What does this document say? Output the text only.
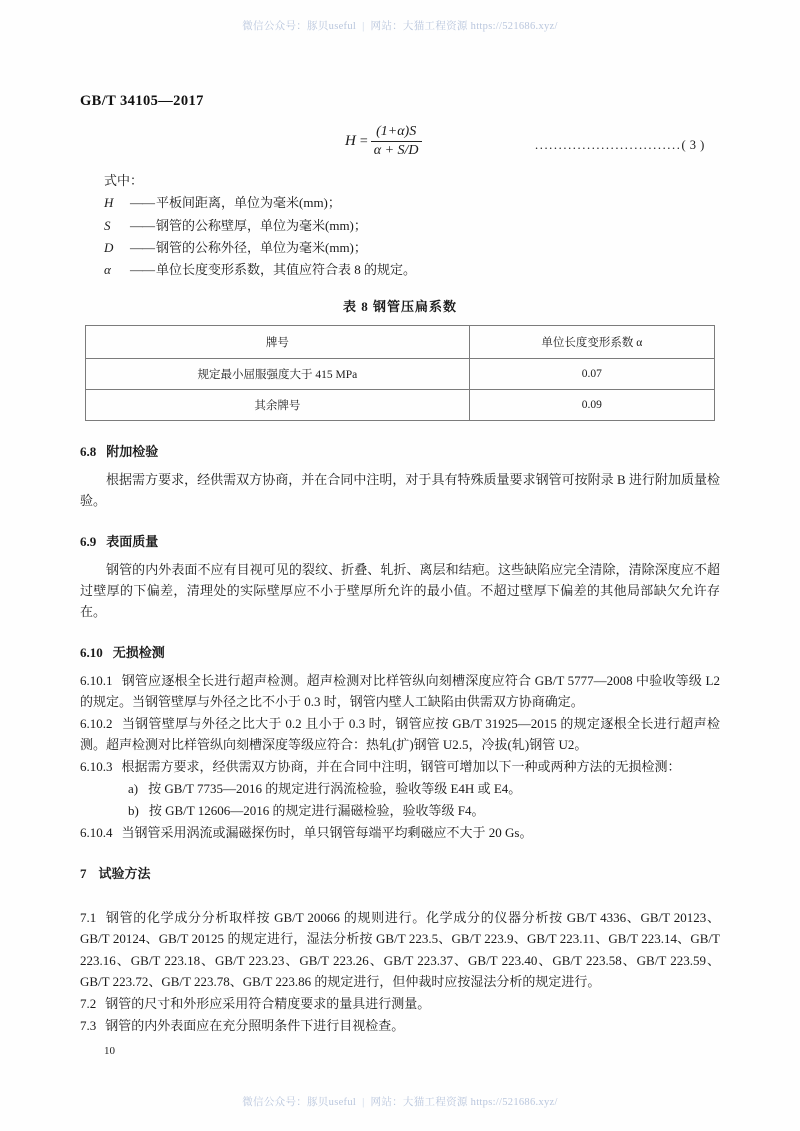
微信公众号：豚贝useful | 网站：大猫工程资源 https://521686.xyz/
GB/T 34105—2017
$H = \frac{(1+\alpha)S}{\alpha + S/D}$	...............................( 3 )
式中：
H	—— 平板间距离，单位为毫米(mm)；
S	—— 钢管的公称壁厚，单位为毫米(mm)；
D	—— 钢管的公称外径，单位为毫米(mm)；
α	—— 单位长度变形系数，其值应符合表 8 的规定。
表 8 钢管压扁系数
牌号	单位长度变形系数 α
规定最小屈服强度大于 415 MPa	0.07
其余牌号	0.09
6.8 附加检验
根据需方要求，经供需双方协商，并在合同中注明，对于具有特殊质量要求钢管可按附录 B 进行附加质量检验。
6.9 表面质量
钢管的内外表面不应有目视可见的裂纹、折叠、轧折、离层和结疤。这些缺陷应完全清除，清除深度应不超过壁厚的下偏差，清理处的实际壁厚应不小于壁厚所允许的最小值。不超过壁厚下偏差的其他局部缺欠允许存在。
6.10 无损检测
6.10.1 钢管应逐根全长进行超声检测。超声检测对比样管纵向刻槽深度应符合 GB/T 5777—2008 中验收等级 L2 的规定。当钢管壁厚与外径之比不小于 0.3 时，钢管内壁人工缺陷由供需双方协商确定。
6.10.2 当钢管壁厚与外径之比大于 0.2 且小于 0.3 时，钢管应按 GB/T 31925—2015 的规定逐根全长进行超声检测。超声检测对比样管纵向刻槽深度等级应符合：热轧(扩)钢管 U2.5，冷拔(轧)钢管 U2。
6.10.3 根据需方要求，经供需双方协商，并在合同中注明，钢管可增加以下一种或两种方法的无损检测：
a) 按 GB/T 7735—2016 的规定进行涡流检验，验收等级 E4H 或 E4。
b) 按 GB/T 12606—2016 的规定进行漏磁检验，验收等级 F4。
6.10.4 当钢管采用涡流或漏磁探伤时，单只钢管每端平均剩磁应不大于 20 Gs。
7 试验方法
7.1 钢管的化学成分分析取样按 GB/T 20066 的规则进行。化学成分的仪器分析按 GB/T 4336、GB/T 20123、GB/T 20124、GB/T 20125 的规定进行，湿法分析按 GB/T 223.5、GB/T 223.9、GB/T 223.11、GB/T 223.14、GB/T 223.16、GB/T 223.18、GB/T 223.23、GB/T 223.26、GB/T 223.37、GB/T 223.40、GB/T 223.58、GB/T 223.59、GB/T 223.72、GB/T 223.78、GB/T 223.86 的规定进行，但仲裁时应按湿法分析的规定进行。
7.2 钢管的尺寸和外形应采用符合精度要求的量具进行测量。
7.3 钢管的内外表面应在充分照明条件下进行目视检查。
10
微信公众号：豚贝useful | 网站：大猫工程资源 https://521686.xyz/
